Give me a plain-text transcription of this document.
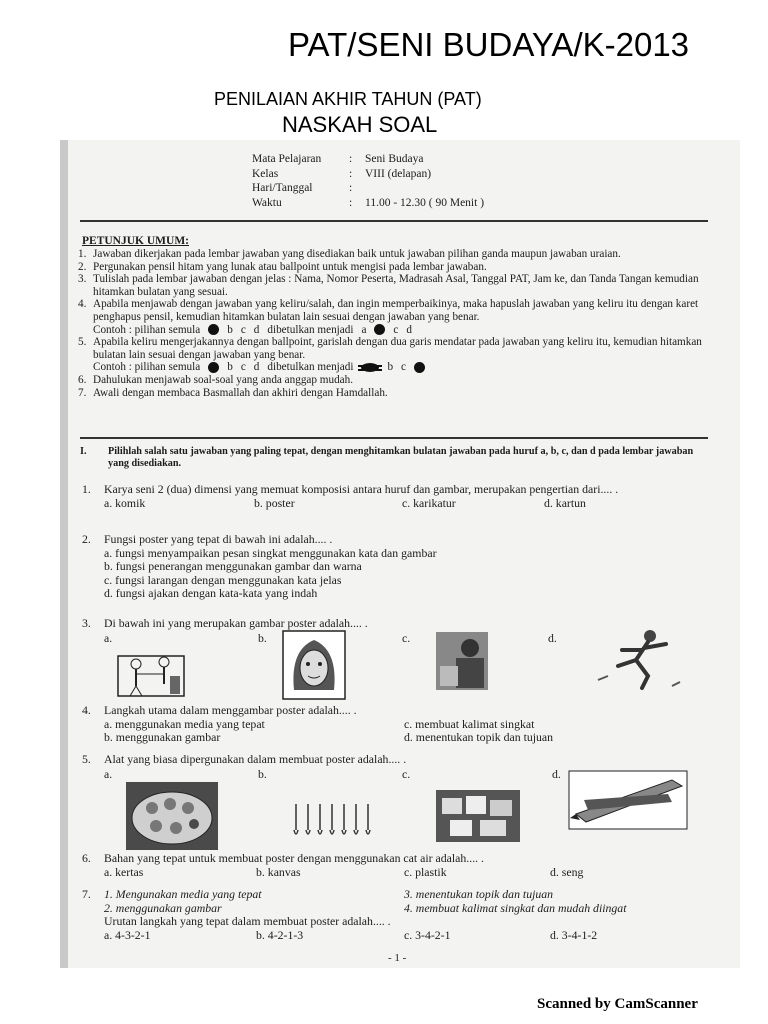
PAT/SENI BUDAYA/K-2013
PENILAIAN AKHIR TAHUN (PAT)
NASKAH SOAL
Mata Pelajaran	:	Seni Budaya
Kelas	:	VIII (delapan)
Hari/Tanggal	:
Waktu	:	11.00 - 12.30 ( 90 Menit )
PETUNJUK UMUM:
1. Jawaban dikerjakan pada lembar jawaban yang disediakan baik untuk jawaban pilihan ganda maupun jawaban uraian.
2. Pergunakan pensil hitam yang lunak atau ballpoint untuk mengisi pada lembar jawaban.
3. Tulislah pada lembar jawaban dengan jelas : Nama, Nomor Peserta, Madrasah Asal, Tanggal PAT, Jam ke, dan Tanda Tangan kemudian hitamkan bulatan yang sesuai.
4. Apabila menjawab dengan jawaban yang keliru/salah, dan ingin memperbaikinya, maka hapuslah jawaban yang keliru itu dengan karet penghapus pensil, kemudian hitamkan bulatan lain sesuai dengan jawaban yang benar.
Contoh : pilihan semula b c d dibetulkan menjadi a c d
5. Apabila keliru mengerjakannya dengan ballpoint, garislah dengan dua garis mendatar pada jawaban yang keliru itu, kemudian hitamkan bulatan lain sesuai dengan jawaban yang benar.
Contoh : pilihan semula b c d dibetulkan menjadi	b c
6. Dahulukan menjawab soal-soal yang anda anggap mudah.
7. Awali dengan membaca Basmallah dan akhiri dengan Hamdallah.
I.	Pilihlah salah satu jawaban yang paling tepat, dengan menghitamkan bulatan jawaban pada huruf a, b, c, dan d pada lembar jawaban yang disediakan.
1.	Karya seni 2 (dua) dimensi yang memuat komposisi antara huruf dan gambar, merupakan pengertian dari.... .
a. komik	b. poster	c. karikatur	d. kartun
2. Fungsi poster yang tepat di bawah ini adalah.... .
a. fungsi menyampaikan pesan singkat menggunakan kata dan gambar
b. fungsi penerangan menggunakan gambar dan warna
c. fungsi larangan dengan menggunakan kata jelas
d. fungsi ajakan dengan kata-kata yang indah
3. Di bawah ini yang merupakan gambar poster adalah.... .
a.	b.	c.	d.
4. Langkah utama dalam menggambar poster adalah.... .
a. menggunakan media yang tepat	c. membuat kalimat singkat
b. menggunakan gambar	d. menentukan topik dan tujuan
5. Alat yang biasa dipergunakan dalam membuat poster adalah.... .
a.	b.	c.	d.
6. Bahan yang tepat untuk membuat poster dengan menggunakan cat air adalah.... .
a. kertas	b. kanvas	c. plastik	d. seng
7.	1. Mengunakan media yang tepat	3. menentukan topik dan tujuan
2. menggunakan gambar	4. membuat kalimat singkat dan mudah diingat
Urutan langkah yang tepat dalam membuat poster adalah.... .
a. 4-3-2-1	b. 4-2-1-3	c. 3-4-2-1	d. 3-4-1-2
- 1 -
Scanned by CamScanner
